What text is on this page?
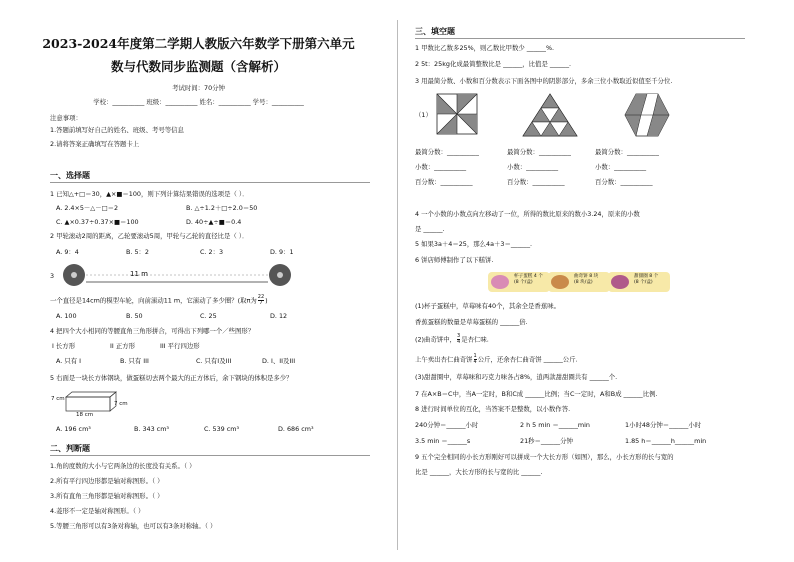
2023-2024年度第二学期人教版六年数学下册第六单元
数与代数同步监测题（含解析）
考试时间：70分钟
学校：__________ 班级：__________ 姓名：__________ 学号：__________
注意事项：
1.答题前填写好自己的姓名、班级、考号等信息
2.请将答案正确填写在答题卡上
一、选择题
1 已知△+□＝30，▲×■＝100，则下列计算结果错误的选项是（ ）．
A. 2.4×5－△－□＝2	B. △÷1.2＋□÷2.0＝50
C. ▲×0.37÷0.37×■＝100	D. 40÷▲÷■＝0.4
2 甲轮滚动2周的距离，乙轮要滚动5周，甲轮与乙轮的直径比是（ ）．
A. 9：4	B. 5：2	C. 2：3	D. 9：1
3	11 m
一个直径是14cm的模型车轮，向前滚动11 m，它滚动了多少圈？(取π为 $\frac{22}{7}$ )
A. 100	B. 50	C. 25	D. 12
4 把四个大小相同的等腰直角三角形拼合，可得出下列哪一个／些图形？
I 长方形	II 正方形	III 平行四边形
A. 只有 I	B. 只有 III	C. 只有I及III	D. I、II及III
5 右面是一块长方体钢块，做蛋糕切去两个最大的正方体后，余下钢块的体积是多少？
7 cm
18 cm
7 cm
A. 196 cm³	B. 343 cm³	C. 539 cm³	D. 686 cm³
二、判断题
1.角的度数的大小与它两条边的长度没有关系。（ ）
2.所有平行四边形都是轴对称图形。（ ）
3.所有直角三角形都是轴对称图形。（ ）
4.菱形不一定是轴对称图形。（ ）
5.等腰三角形可以有3条对称轴，也可以有3条对称轴。（ ）
三、填空题
1 甲数比乙数多25%，则乙数比甲数少 ______%.
2 5t：25kg化成最简整数比是 ______，比值是 ______.
3 用最简分数、小数和百分数表示下面各图中的阴影部分，多余三位小数取近似值至千分位.
（1）
最简分数：__________	最简分数：__________	最简分数：__________
小数：__________	小数：__________	小数：__________
百分数：__________	百分数：__________	百分数：__________
4 一个小数的小数点向左移动了一位，所得的数比原来的数小3.24，原来的小数
是 ______.
5 如果3a＋4＝25，那么4a＋3＝______.
6 饼店师傅制作了以下糕饼.
杯子蛋糕 4 个
(8 个/盒)
曲奇饼 8 块
(8 块/盒)
甜甜圈 8 个
(8 个/盒)
(1)杯子蛋糕中，草莓味有40个，其余全是香蕉味。
香蕉蛋糕的数量是草莓蛋糕的 ______倍.
(2)曲奇饼中， $\frac{3}{4}$ 是杏仁味.
上午卖出杏仁曲奇饼 $\frac{1}{4}$ 公斤，还余杏仁曲奇饼 ______公斤.
(3)甜甜圈中，草莓味和巧克力味各占8%，逍两款甜甜圈共有 ______个.
7 在A×B＝C中，当A一定时，B和C成 ______比例；当C一定时，A和B成 ______比例.
8 进行时间单位的互化，当答案不是整数，以小数作答.
240分钟＝______小时	2 h 5 min ＝______min	1小时48分钟＝______小时
3.5 min ＝______s	21秒＝______分钟	1.85 h＝______h______min
9 五个完全相同的小长方形刚好可以拼成一个大长方形（如图），那么，小长方形的长与宽的
比是 ______，大长方形的长与宽的比 ______.
